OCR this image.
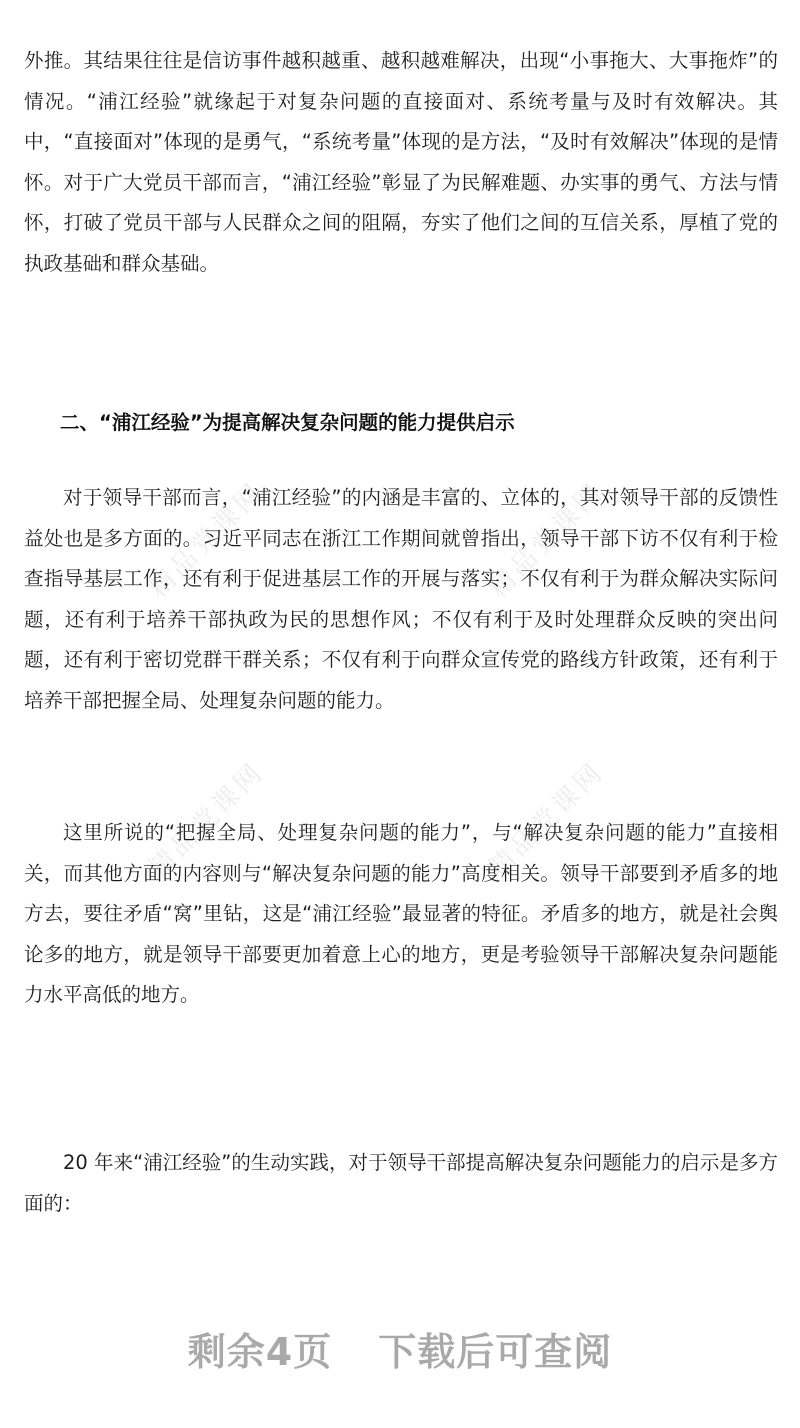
精品党课网	精品党课网
精品党课网	精品党课网

外推。其结果往往是信访事件越积越重、越积越难解决，出现“小事拖大、大事拖炸”的情况。“浦江经验”就缘起于对复杂问题的直接面对、系统考量与及时有效解决。其中，“直接面对”体现的是勇气，“系统考量”体现的是方法，“及时有效解决”体现的是情怀。对于广大党员干部而言，“浦江经验”彰显了为民解难题、办实事的勇气、方法与情怀，打破了党员干部与人民群众之间的阻隔，夯实了他们之间的互信关系，厚植了党的执政基础和群众基础。

二、“浦江经验”为提高解决复杂问题的能力提供启示

对于领导干部而言，“浦江经验”的内涵是丰富的、立体的，其对领导干部的反馈性益处也是多方面的。习近平同志在浙江工作期间就曾指出，领导干部下访不仅有利于检查指导基层工作，还有利于促进基层工作的开展与落实；不仅有利于为群众解决实际问题，还有利于培养干部执政为民的思想作风；不仅有利于及时处理群众反映的突出问题，还有利于密切党群干群关系；不仅有利于向群众宣传党的路线方针政策，还有利于培养干部把握全局、处理复杂问题的能力。

这里所说的“把握全局、处理复杂问题的能力”，与“解决复杂问题的能力”直接相关，而其他方面的内容则与“解决复杂问题的能力”高度相关。领导干部要到矛盾多的地方去，要往矛盾“窝”里钻，这是“浦江经验”最显著的特征。矛盾多的地方，就是社会舆论多的地方，就是领导干部要更加着意上心的地方，更是考验领导干部解决复杂问题能力水平高低的地方。

20 年来“浦江经验”的生动实践，对于领导干部提高解决复杂问题能力的启示是多方面的：

剩余4页 下载后可查阅
